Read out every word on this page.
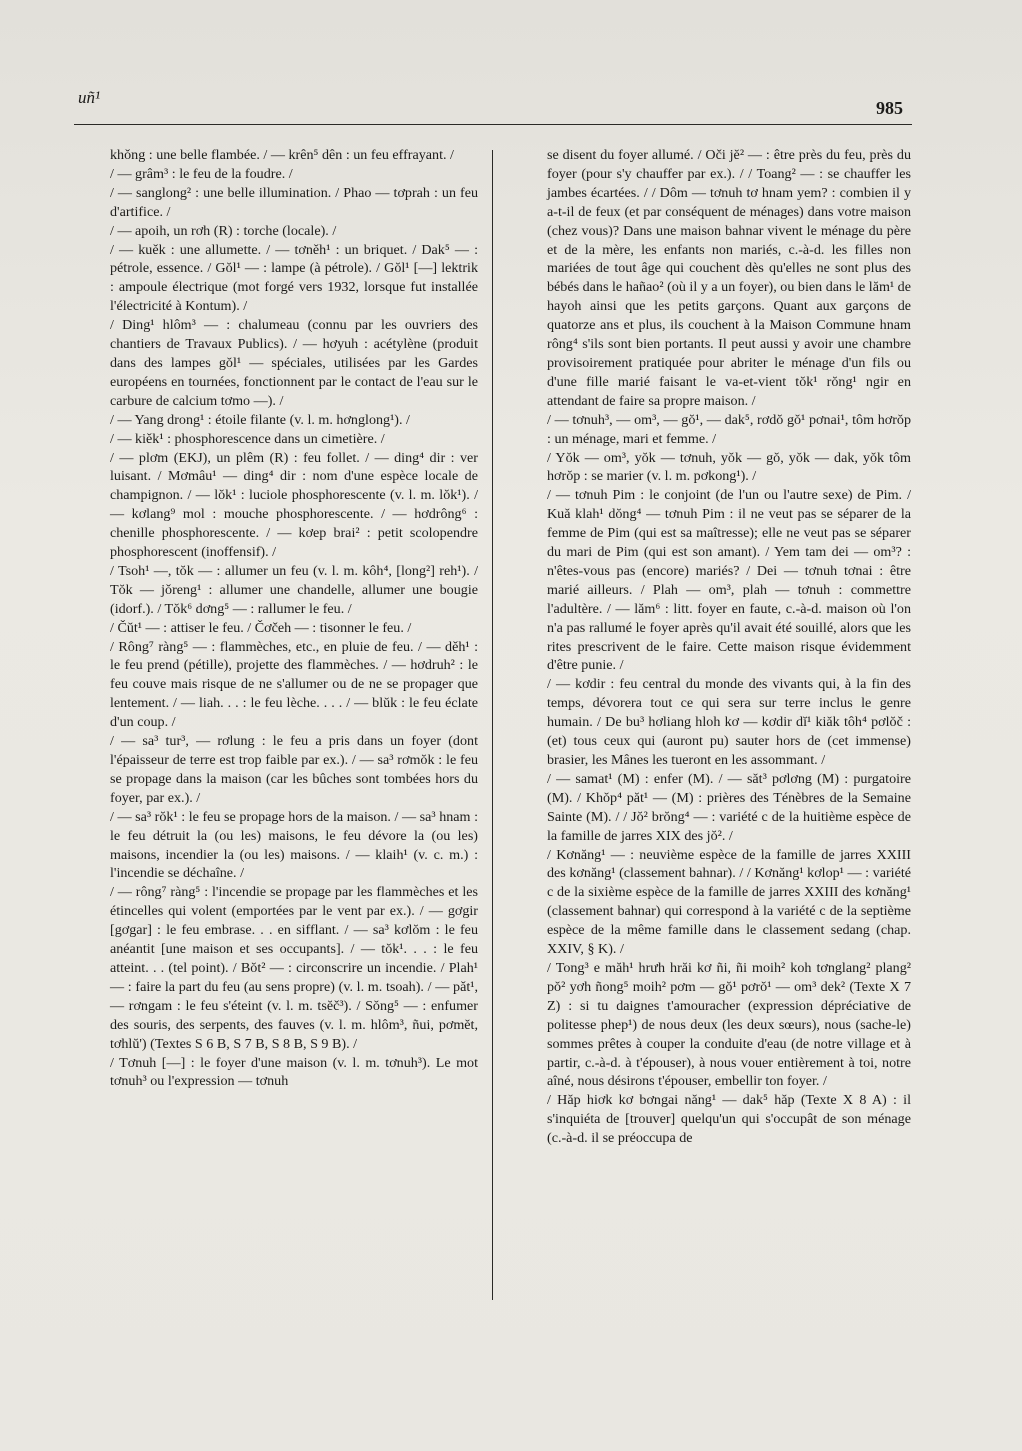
uñ¹
985

khǒng : une belle flambée. / — krên⁵ dên : un feu effrayant. /

/ — grâm³ : le feu de la foudre. /

/ — sanglong² : une belle illumination. / Phao — tơprah : un feu d'artifice. /

/ — apoih, un rơh (R) : torche (locale). /

/ — kuěk : une allumette. / — tơněh¹ : un briquet. / Dak⁵ — : pétrole, essence. / Gŏl¹ — : lampe (à pétrole). / Gŏl¹ [—] lektrik : ampoule électrique (mot forgé vers 1932, lorsque fut installée l'électricité à Kontum). /

/ Ding¹ hlôm³ — : chalumeau (connu par les ouvriers des chantiers de Travaux Publics). / — hơyuh : acétylène (produit dans des lampes gŏl¹ — spéciales, utilisées par les Gardes européens en tournées, fonctionnent par le contact de l'eau sur le carbure de calcium tơmo —). /

/ — Yang drong¹ : étoile filante (v. l. m. hơnglong¹). /

/ — kiěk¹ : phosphorescence dans un cimetière. /

/ — plơm (EKJ), un plêm (R) : feu follet. / — ding⁴ dir : ver luisant. / Mơmâu¹ — ding⁴ dir : nom d'une espèce locale de champignon. / — lŏk¹ : luciole phosphorescente (v. l. m. lŏk¹). / — kơlang⁹ mol : mouche phosphorescente. / — hơdrông⁶ : chenille phosphorescente. / — kơep brai² : petit scolopendre phosphorescent (inoffensif). /

/ Tsoh¹ —, tŏk — : allumer un feu (v. l. m. kôh⁴, [long²] reh¹). / Tŏk — jǒreng¹ : allumer une chandelle, allumer une bougie (idorf.). / Tŏk⁶ dơng⁵ — : rallumer le feu. /

/ Čŭt¹ — : attiser le feu. / Čơčeh — : tisonner le feu. /

/ Rông⁷ ràng⁵ — : flammèches, etc., en pluie de feu. / — děh¹ : le feu prend (pétille), projette des flammèches. / — hơdruh² : le feu couve mais risque de ne s'allumer ou de ne se propager que lentement. / — liah. . . : le feu lèche. . . . / — blŭk : le feu éclate d'un coup. /

/ — sa³ tur³, — rơlung : le feu a pris dans un foyer (dont l'épaisseur de terre est trop faible par ex.). / — sa³ rơmŏk : le feu se propage dans la maison (car les bûches sont tombées hors du foyer, par ex.). /

/ — sa³ rŏk¹ : le feu se propage hors de la maison. / — sa³ hnam : le feu détruit la (ou les) maisons, le feu dévore la (ou les) maisons, incendier la (ou les) maisons. / — klaih¹ (v. c. m.) : l'incendie se déchaîne. /

/ — rông⁷ ràng⁵ : l'incendie se propage par les flammèches et les étincelles qui volent (emportées par le vent par ex.). / — gơgir [gơgar] : le feu embrase. . . en sifflant. / — sa³ kơlŏm : le feu anéantit [une maison et ses occupants]. / — tŏk¹. . . : le feu atteint. . . (tel point). / Bŏt² — : circonscrire un incendie. / Plah¹ — : faire la part du feu (au sens propre) (v. l. m. tsoah). / — pǎt¹, — rơngam : le feu s'éteint (v. l. m. tsĕč³). / Sŏng⁵ — : enfumer des souris, des serpents, des fauves (v. l. m. hlôm³, ñui, pơmĕt, tơhlŭ') (Textes S 6 B, S 7 B, S 8 B, S 9 B). /

/ Tơnuh [—] : le foyer d'une maison (v. l. m. tơnuh³). Le mot tơnuh³ ou l'expression — tơnuh

se disent du foyer allumé. / Oči jĕ² — : être près du feu, près du foyer (pour s'y chauffer par ex.). / / Toang² — : se chauffer les jambes écartées. / / Dôm — tơnuh tơ hnam yem? : combien il y a-t-il de feux (et par conséquent de ménages) dans votre maison (chez vous)? Dans une maison bahnar vivent le ménage du père et de la mère, les enfants non mariés, c.-à-d. les filles non mariées de tout âge qui couchent dès qu'elles ne sont plus des bébés dans le hañao² (où il y a un foyer), ou bien dans le lăm¹ de hayoh ainsi que les petits garçons. Quant aux garçons de quatorze ans et plus, ils couchent à la Maison Commune hnam rông⁴ s'ils sont bien portants. Il peut aussi y avoir une chambre provisoirement pratiquée pour abriter le ménage d'un fils ou d'une fille marié faisant le va-et-vient tŏk¹ rŏng¹ ngir en attendant de faire sa propre maison. /

/ — tơnuh³, — om³, — gŏ¹, — dak⁵, rơdŏ gŏ¹ pơnai¹, tôm hơrŏp : un ménage, mari et femme. /

/ Yŏk — om³, yŏk — tơnuh, yŏk — gŏ, yŏk — dak, yŏk tôm hơrŏp : se marier (v. l. m. pơkong¹). /

/ — tơnuh Pim : le conjoint (de l'un ou l'autre sexe) de Pim. / Kuă klah¹ dŏng⁴ — tơnuh Pim : il ne veut pas se séparer de la femme de Pim (qui est sa maîtresse); elle ne veut pas se séparer du mari de Pim (qui est son amant). / Yem tam dei — om³? : n'êtes-vous pas (encore) mariés? / Dei — tơnuh tơnai : être marié ailleurs. / Plah — om³, plah — tơnuh : commettre l'adultère. / — lăm⁶ : litt. foyer en faute, c.-à-d. maison où l'on n'a pas rallumé le foyer après qu'il avait été souillé, alors que les rites prescrivent de le faire. Cette maison risque évidemment d'être punie. /

/ — kơdir : feu central du monde des vivants qui, à la fin des temps, dévorera tout ce qui sera sur terre inclus le genre humain. / De bu³ hơliang hloh kơ — kơdir dĭ¹ kiăk tôh⁴ pơlŏč : (et) tous ceux qui (auront pu) sauter hors de (cet immense) brasier, les Mânes les tueront en les assommant. /

/ — samat¹ (M) : enfer (M). / — săt³ pơlơng (M) : purgatoire (M). / Khŏp⁴ păt¹ — (M) : prières des Ténèbres de la Semaine Sainte (M). / / Jŏ² brŏng⁴ — : variété c de la huitième espèce de la famille de jarres XIX des jŏ². /

/ Kơnăng¹ — : neuvième espèce de la famille de jarres XXIII des kơnăng¹ (classement bahnar). / / Kơnăng¹ kơlop¹ — : variété c de la sixième espèce de la famille de jarres XXIII des kơnăng¹ (classement bahnar) qui correspond à la variété c de la septième espèce de la même famille dans le classement sedang (chap. XXIV, § K). /

/ Tong³ e măh¹ hrưh hrăi kơ ñi, ñi moih² koh tơnglang² plang² pŏ² yơh ñong⁵ moih² pơm — gŏ¹ pơrŏ¹ — om³ dek² (Texte X 7 Z) : si tu daignes t'amouracher (expression dépréciative de politesse phep¹) de nous deux (les deux sœurs), nous (sache-le) sommes prêtes à couper la conduite d'eau (de notre village et à partir, c.-à-d. à t'épouser), à nous vouer entièrement à toi, notre aîné, nous désirons t'épouser, embellir ton foyer. /

/ Hăp hiơk kơ bơngai năng¹ — dak⁵ hăp (Texte X 8 A) : il s'inquiéta de [trouver] quelqu'un qui s'occupât de son ménage (c.-à-d. il se préoccupa de
